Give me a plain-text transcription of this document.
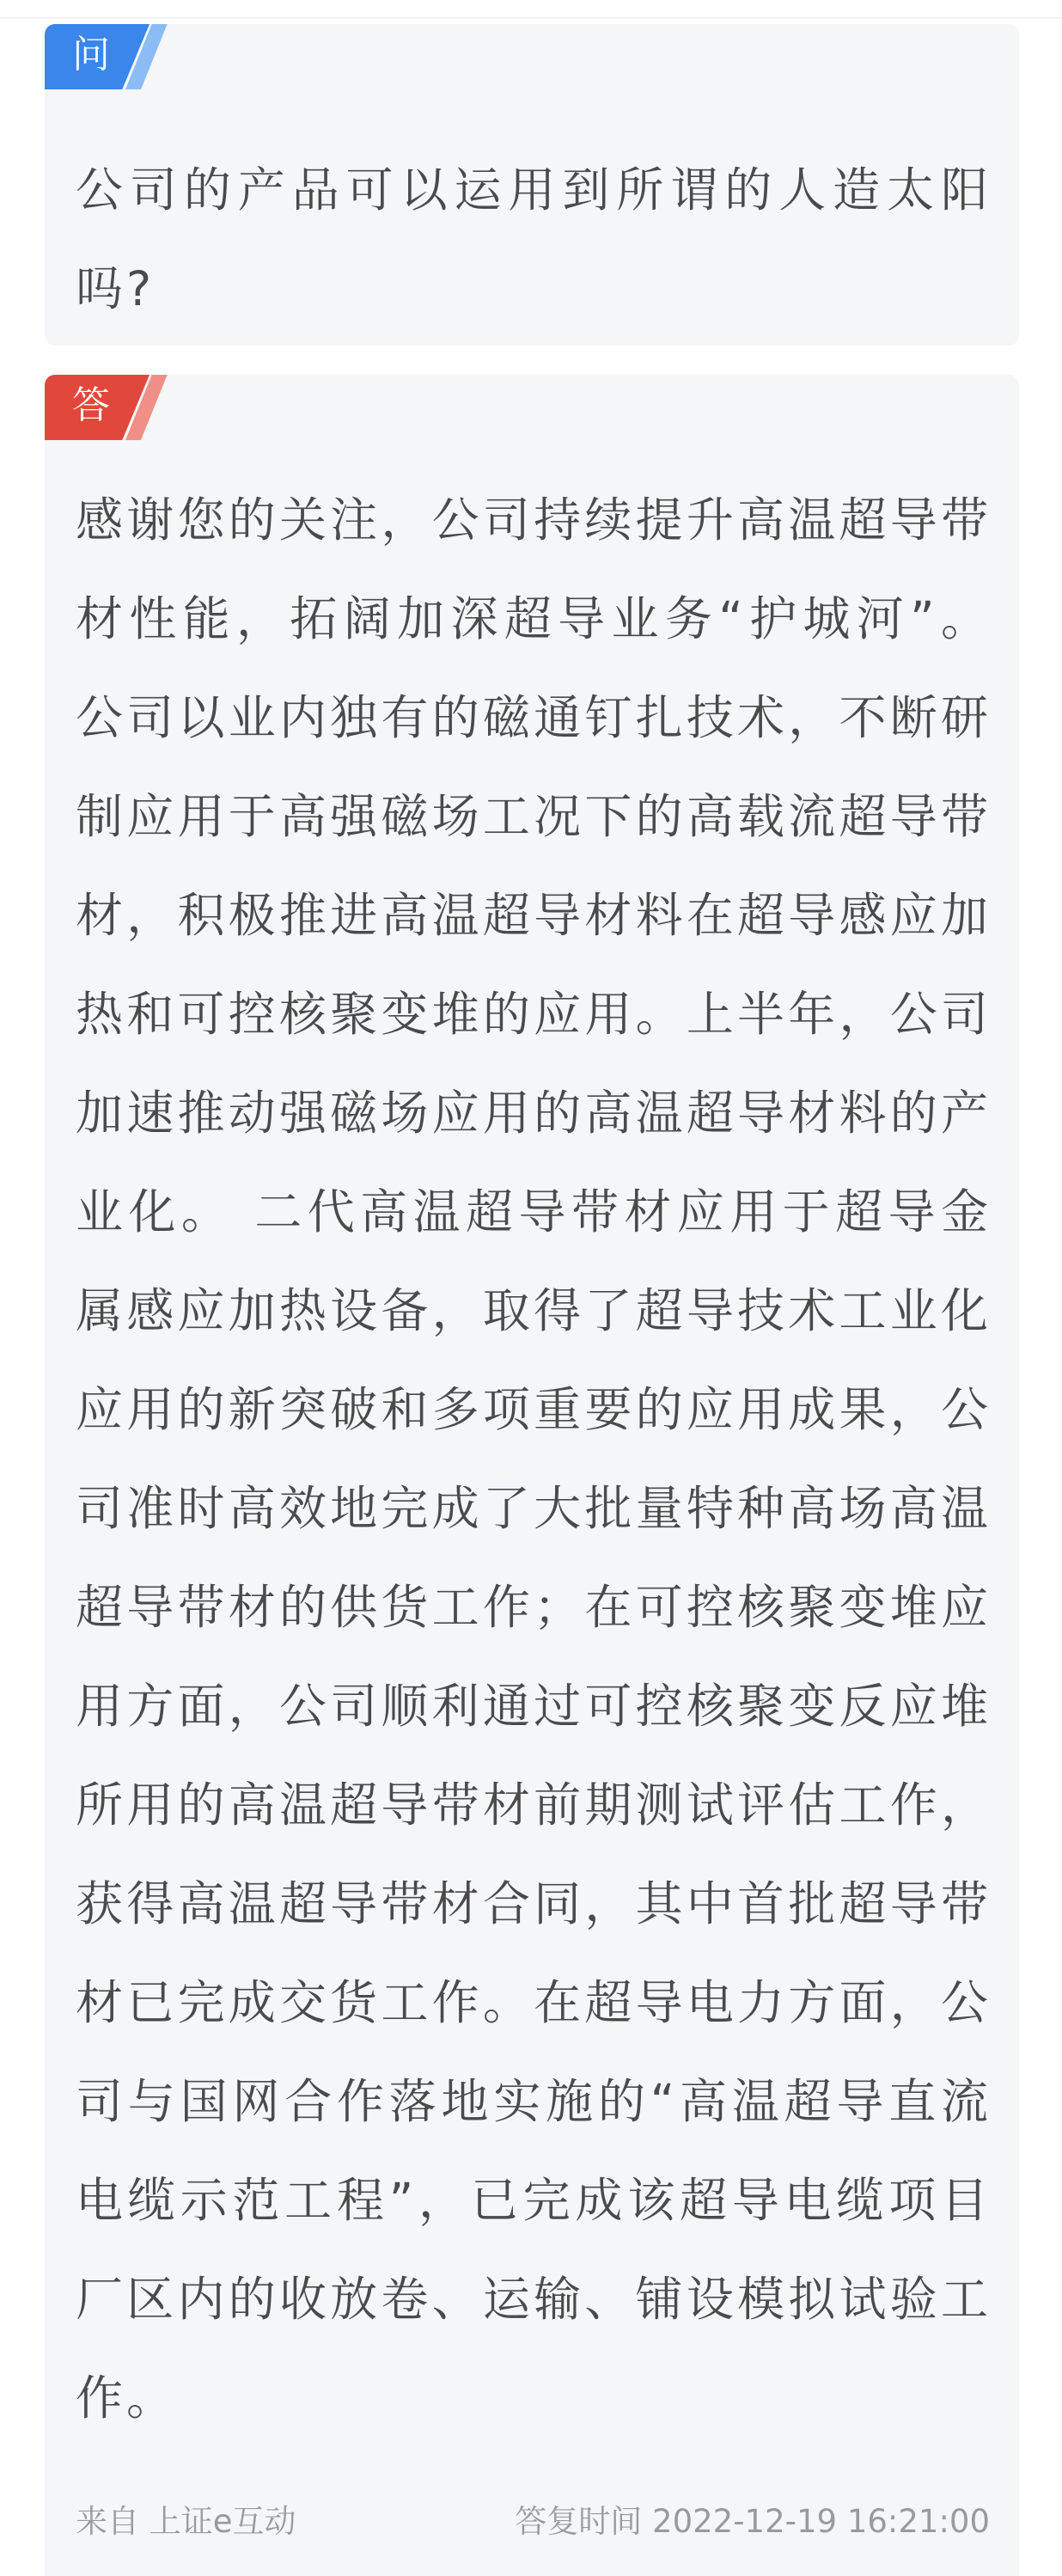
问

公司的产品可以运用到所谓的人造太阳吗?

答

感谢您的关注，公司持续提升高温超导带材性能，拓阔加深超导业务“护城河”。公司以业内独有的磁通钉扎技术，不断研制应用于高强磁场工况下的高载流超导带材，积极推进高温超导材料在超导感应加热和可控核聚变堆的应用。上半年，公司加速推动强磁场应用的高温超导材料的产业化。 二代高温超导带材应用于超导金属感应加热设备，取得了超导技术工业化应用的新突破和多项重要的应用成果，公司准时高效地完成了大批量特种高场高温超导带材的供货工作；在可控核聚变堆应用方面，公司顺利通过可控核聚变反应堆所用的高温超导带材前期测试评估工作，获得高温超导带材合同，其中首批超导带材已完成交货工作。在超导电力方面，公司与国网合作落地实施的“高温超导直流电缆示范工程”，已完成该超导电缆项目厂区内的收放卷、运输、铺设模拟试验工作。

来自 上证e互动	答复时间 2022-12-19 16:21:00
